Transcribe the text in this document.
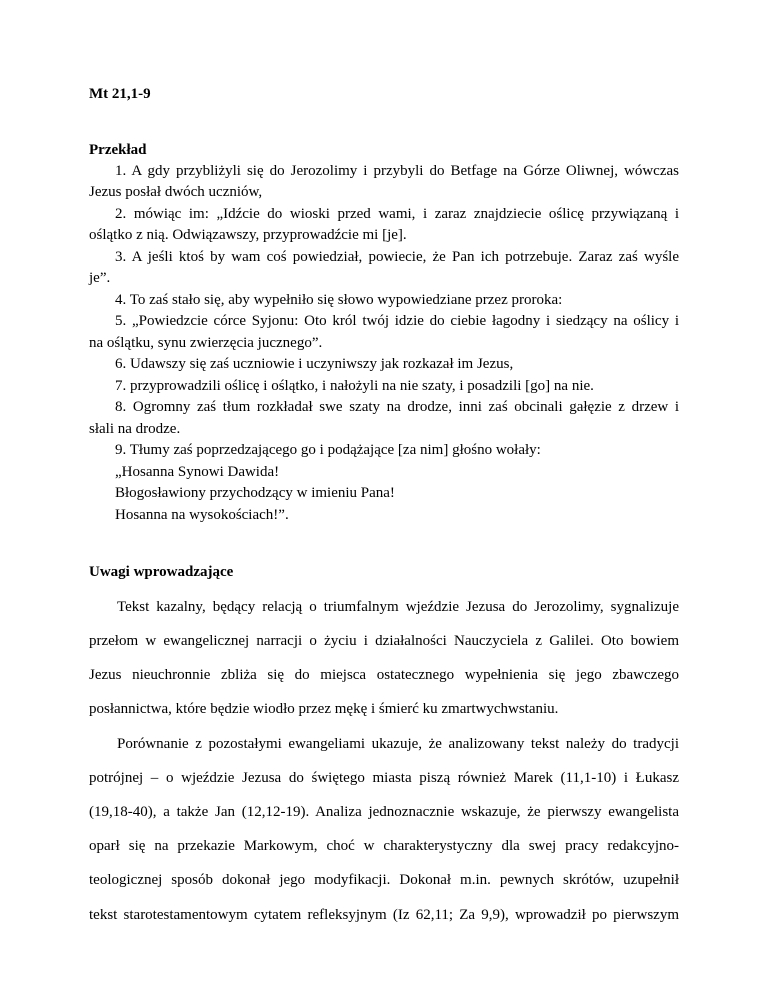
Mt 21,1-9

Przekład

1. A gdy przybliżyli się do Jerozolimy i przybyli do Betfage na Górze Oliwnej, wówczas

Jezus posłał dwóch uczniów,

2. mówiąc im: „Idźcie do wioski przed wami, i zaraz znajdziecie oślicę przywiązaną i

oślątko z nią. Odwiązawszy, przyprowadźcie mi [je].

3. A jeśli ktoś by wam coś powiedział, powiecie, że Pan ich potrzebuje. Zaraz zaś wyśle

je”.

4. To zaś stało się, aby wypełniło się słowo wypowiedziane przez proroka:

5. „Powiedzcie córce Syjonu: Oto król twój idzie do ciebie łagodny i siedzący na oślicy i

na oślątku, synu zwierzęcia jucznego”.

6. Udawszy się zaś uczniowie i uczyniwszy jak rozkazał im Jezus,

7. przyprowadzili oślicę i oślątko, i nałożyli na nie szaty, i posadzili [go] na nie.

8. Ogromny zaś tłum rozkładał swe szaty na drodze, inni zaś obcinali gałęzie z drzew i

słali na drodze.

9. Tłumy zaś poprzedzającego go i podążające [za nim] głośno wołały:

„Hosanna Synowi Dawida!

Błogosławiony przychodzący w imieniu Pana!

Hosanna na wysokościach!”.

Uwagi wprowadzające

Tekst kazalny, będący relacją o triumfalnym wjeździe Jezusa do Jerozolimy, sygnalizuje

przełom w ewangelicznej narracji o życiu i działalności Nauczyciela z Galilei. Oto bowiem

Jezus nieuchronnie zbliża się do miejsca ostatecznego wypełnienia się jego zbawczego

posłannictwa, które będzie wiodło przez mękę i śmierć ku zmartwychwstaniu.

Porównanie z pozostałymi ewangeliami ukazuje, że analizowany tekst należy do tradycji

potrójnej – o wjeździe Jezusa do świętego miasta piszą również Marek (11,1-10) i Łukasz

(19,18-40), a także Jan (12,12-19). Analiza jednoznacznie wskazuje, że pierwszy ewangelista

oparł się na przekazie Markowym, choć w charakterystyczny dla swej pracy redakcyjno-

teologicznej sposób dokonał jego modyfikacji. Dokonał m.in. pewnych skrótów, uzupełnił

tekst starotestamentowym cytatem refleksyjnym (Iz 62,11; Za 9,9), wprowadził po pierwszym
